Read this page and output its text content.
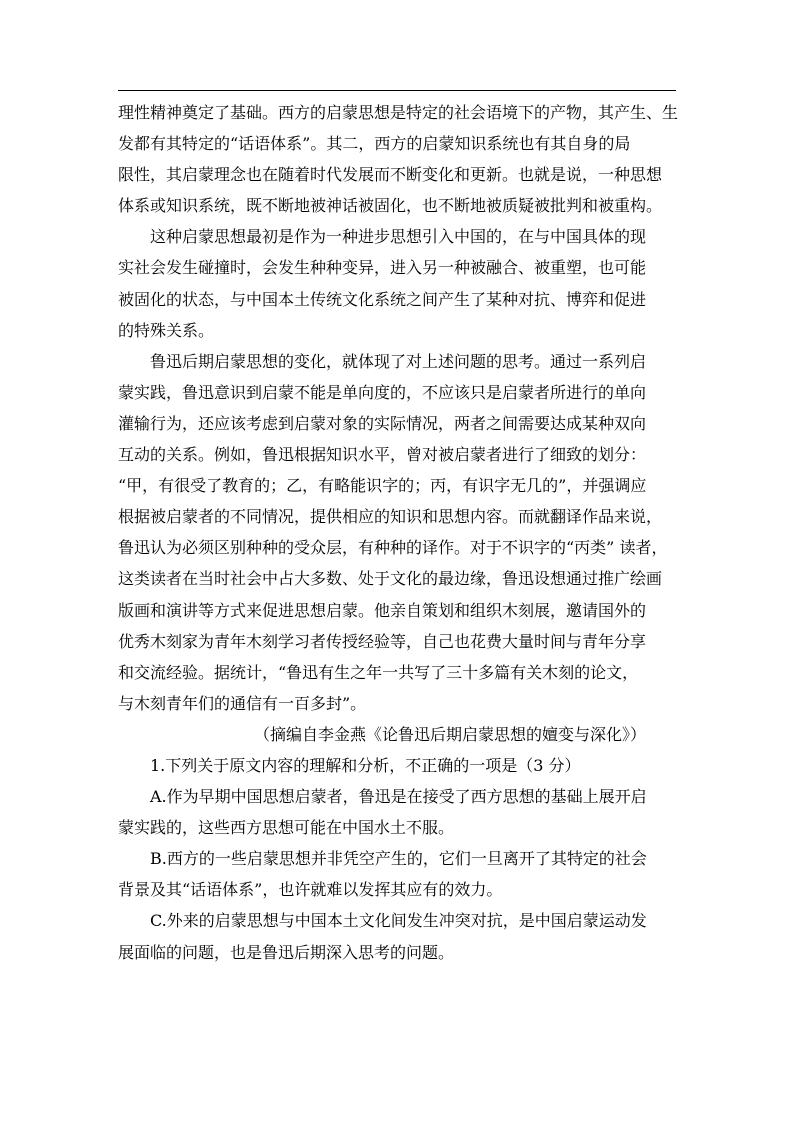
理性精神奠定了基础。西方的启蒙思想是特定的社会语境下的产物，其产生、生
发都有其特定的“话语体系”。其二，西方的启蒙知识系统也有其自身的局
限性，其启蒙理念也在随着时代发展而不断变化和更新。也就是说，一种思想
体系或知识系统，既不断地被神话被固化，也不断地被质疑被批判和被重构。
这种启蒙思想最初是作为一种进步思想引入中国的，在与中国具体的现
实社会发生碰撞时，会发生种种变异，进入另一种被融合、被重塑，也可能
被固化的状态，与中国本土传统文化系统之间产生了某种对抗、博弈和促进
的特殊关系。
鲁迅后期启蒙思想的变化，就体现了对上述问题的思考。通过一系列启
蒙实践，鲁迅意识到启蒙不能是单向度的，不应该只是启蒙者所进行的单向
灌输行为，还应该考虑到启蒙对象的实际情况，两者之间需要达成某种双向
互动的关系。例如，鲁迅根据知识水平，曾对被启蒙者进行了细致的划分：
“甲，有很受了教育的；乙，有略能识字的；丙，有识字无几的”，并强调应
根据被启蒙者的不同情况，提供相应的知识和思想内容。而就翻译作品来说，
鲁迅认为必须区别种种的受众层，有种种的译作。对于不识字的“丙类” 读者，
这类读者在当时社会中占大多数、处于文化的最边缘，鲁迅设想通过推广绘画
版画和演讲等方式来促进思想启蒙。他亲自策划和组织木刻展，邀请国外的
优秀木刻家为青年木刻学习者传授经验等，自己也花费大量时间与青年分享
和交流经验。据统计，“鲁迅有生之年一共写了三十多篇有关木刻的论文，
与木刻青年们的通信有一百多封”。
（摘编自李金燕《论鲁迅后期启蒙思想的嬗变与深化》）
1.下列关于原文内容的理解和分析，不正确的一项是（3 分）
A.作为早期中国思想启蒙者，鲁迅是在接受了西方思想的基础上展开启
蒙实践的，这些西方思想可能在中国水土不服。
B.西方的一些启蒙思想并非凭空产生的，它们一旦离开了其特定的社会
背景及其“话语体系”，也许就难以发挥其应有的效力。
C.外来的启蒙思想与中国本土文化间发生冲突对抗，是中国启蒙运动发
展面临的问题，也是鲁迅后期深入思考的问题。
